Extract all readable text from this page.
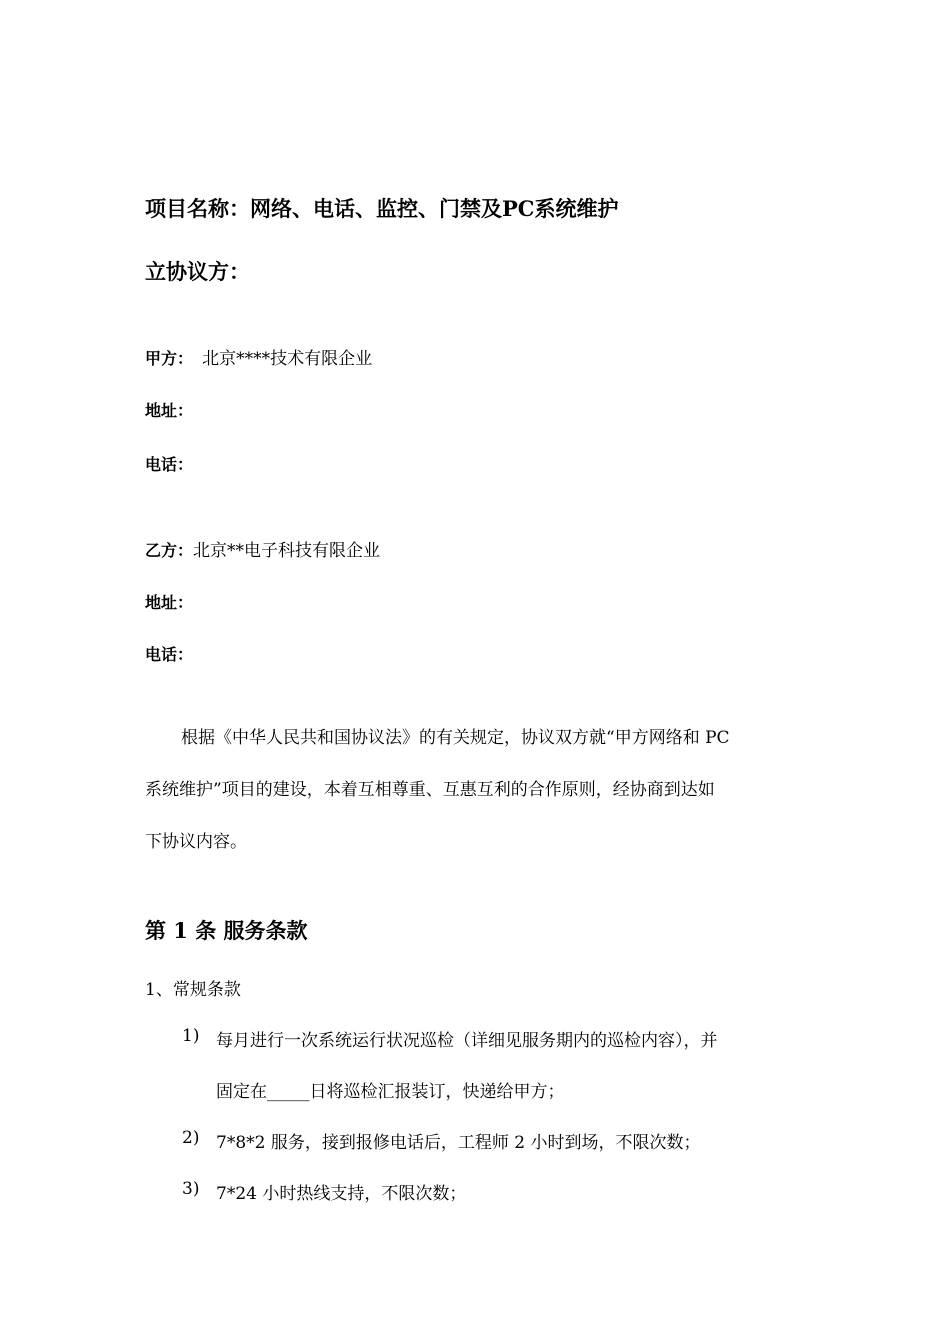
项目名称：网络、电话、监控、门禁及PC系统维护
立协议方：
甲方： 北京****技术有限企业
地址：
电话：
乙方：北京**电子科技有限企业
地址：
电话：
根据《中华人民共和国协议法》的有关规定，协议双方就“甲方网络和 PC
系统维护”项目的建设，本着互相尊重、互惠互利的合作原则，经协商到达如
下协议内容。
第 1 条 服务条款
1、常规条款
1) 每月进行一次系统运行状况巡检（详细见服务期内的巡检内容），并
固定在_____日将巡检汇报装订，快递给甲方；
2) 7*8*2 服务，接到报修电话后，工程师 2 小时到场，不限次数；
3) 7*24 小时热线支持，不限次数；
